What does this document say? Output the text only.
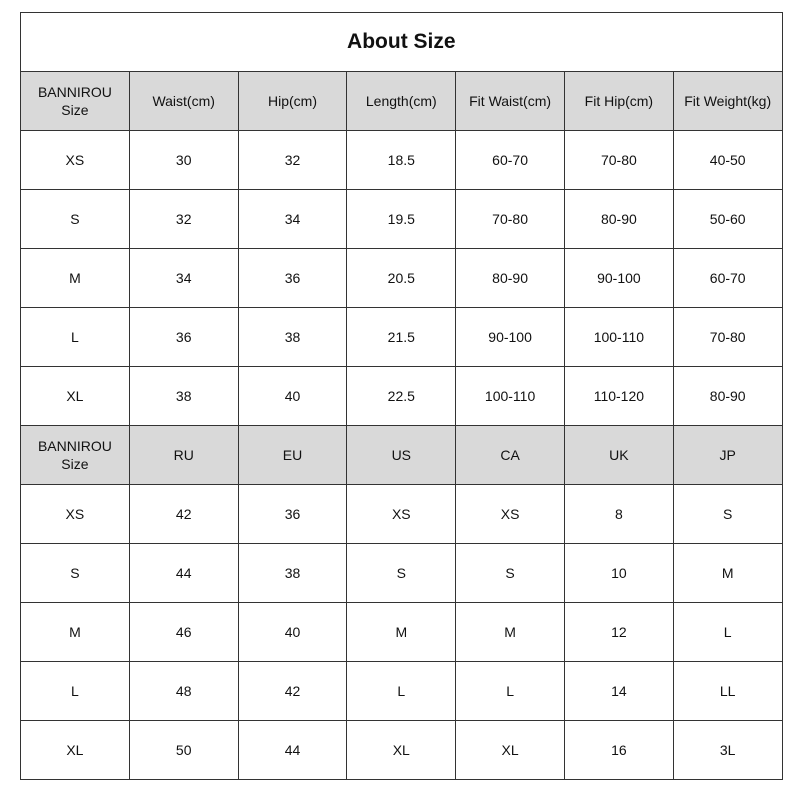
About Size						
BANNIROU Size	Waist(cm)	Hip(cm)	Length(cm)	Fit Waist(cm)	Fit Hip(cm)	Fit Weight(kg)
XS	30	32	18.5	60-70	70-80	40-50
S	32	34	19.5	70-80	80-90	50-60
M	34	36	20.5	80-90	90-100	60-70
L	36	38	21.5	90-100	100-110	70-80
XL	38	40	22.5	100-110	110-120	80-90
BANNIROU Size	RU	EU	US	CA	UK	JP
XS	42	36	XS	XS	8	S
S	44	38	S	S	10	M
M	46	40	M	M	12	L
L	48	42	L	L	14	LL
XL	50	44	XL	XL	16	3L
